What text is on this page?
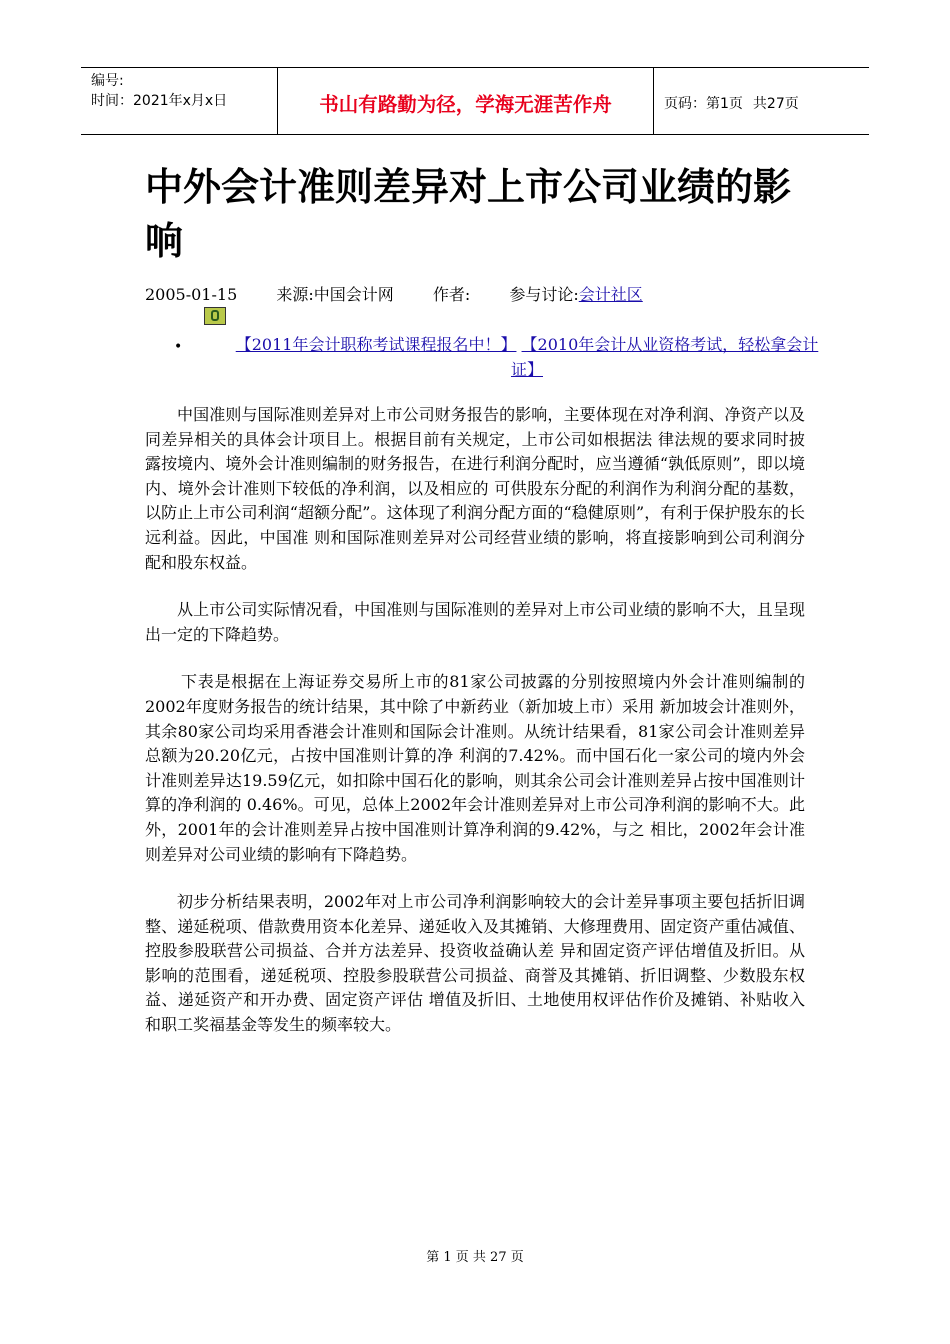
编号:
时间：2021年x月x日	书山有路勤为径，学海无涯苦作舟	页码：第1页 共27页
中外会计准则差异对上市公司业绩的影响
2005-01-15 来源:中国会计网 作者: 参与讨论:会计社区
•	【2011年会计职称考试课程报名中！】 【2010年会计从业资格考试，轻松拿会计证】

中国准则与国际准则差异对上市公司财务报告的影响，主要体现在对净利润、净资产以及同差异相关的具体会计项目上。根据目前有关规定，上市公司如根据法 律法规的要求同时披露按境内、境外会计准则编制的财务报告，在进行利润分配时，应当遵循“孰低原则”，即以境内、境外会计准则下较低的净利润，以及相应的 可供股东分配的利润作为利润分配的基数，以防止上市公司利润“超额分配”。这体现了利润分配方面的“稳健原则”，有利于保护股东的长远利益。因此，中国准 则和国际准则差异对公司经营业绩的影响，将直接影响到公司利润分配和股东权益。

从上市公司实际情况看，中国准则与国际准则的差异对上市公司业绩的影响不大，且呈现出一定的下降趋势。

下表是根据在上海证券交易所上市的81家公司披露的分别按照境内外会计准则编制的2002年度财务报告的统计结果，其中除了中新药业（新加坡上市）采用 新加坡会计准则外，其余80家公司均采用香港会计准则和国际会计准则。从统计结果看，81家公司会计准则差异总额为20.20亿元，占按中国准则计算的净 利润的7.42%。而中国石化一家公司的境内外会计准则差异达19.59亿元，如扣除中国石化的影响，则其余公司会计准则差异占按中国准则计算的净利润的 0.46%。可见，总体上2002年会计准则差异对上市公司净利润的影响不大。此外，2001年的会计准则差异占按中国准则计算净利润的9.42%，与之 相比，2002年会计准则差异对公司业绩的影响有下降趋势。

初步分析结果表明，2002年对上市公司净利润影响较大的会计差异事项主要包括折旧调整、递延税项、借款费用资本化差异、递延收入及其摊销、大修理费用、固定资产重估减值、控股参股联营公司损益、合并方法差异、投资收益确认差 异和固定资产评估增值及折旧。从影响的范围看，递延税项、控股参股联营公司损益、商誉及其摊销、折旧调整、少数股东权益、递延资产和开办费、固定资产评估 增值及折旧、土地使用权评估作价及摊销、补贴收入和职工奖福基金等发生的频率较大。

第 1 页 共 27 页
